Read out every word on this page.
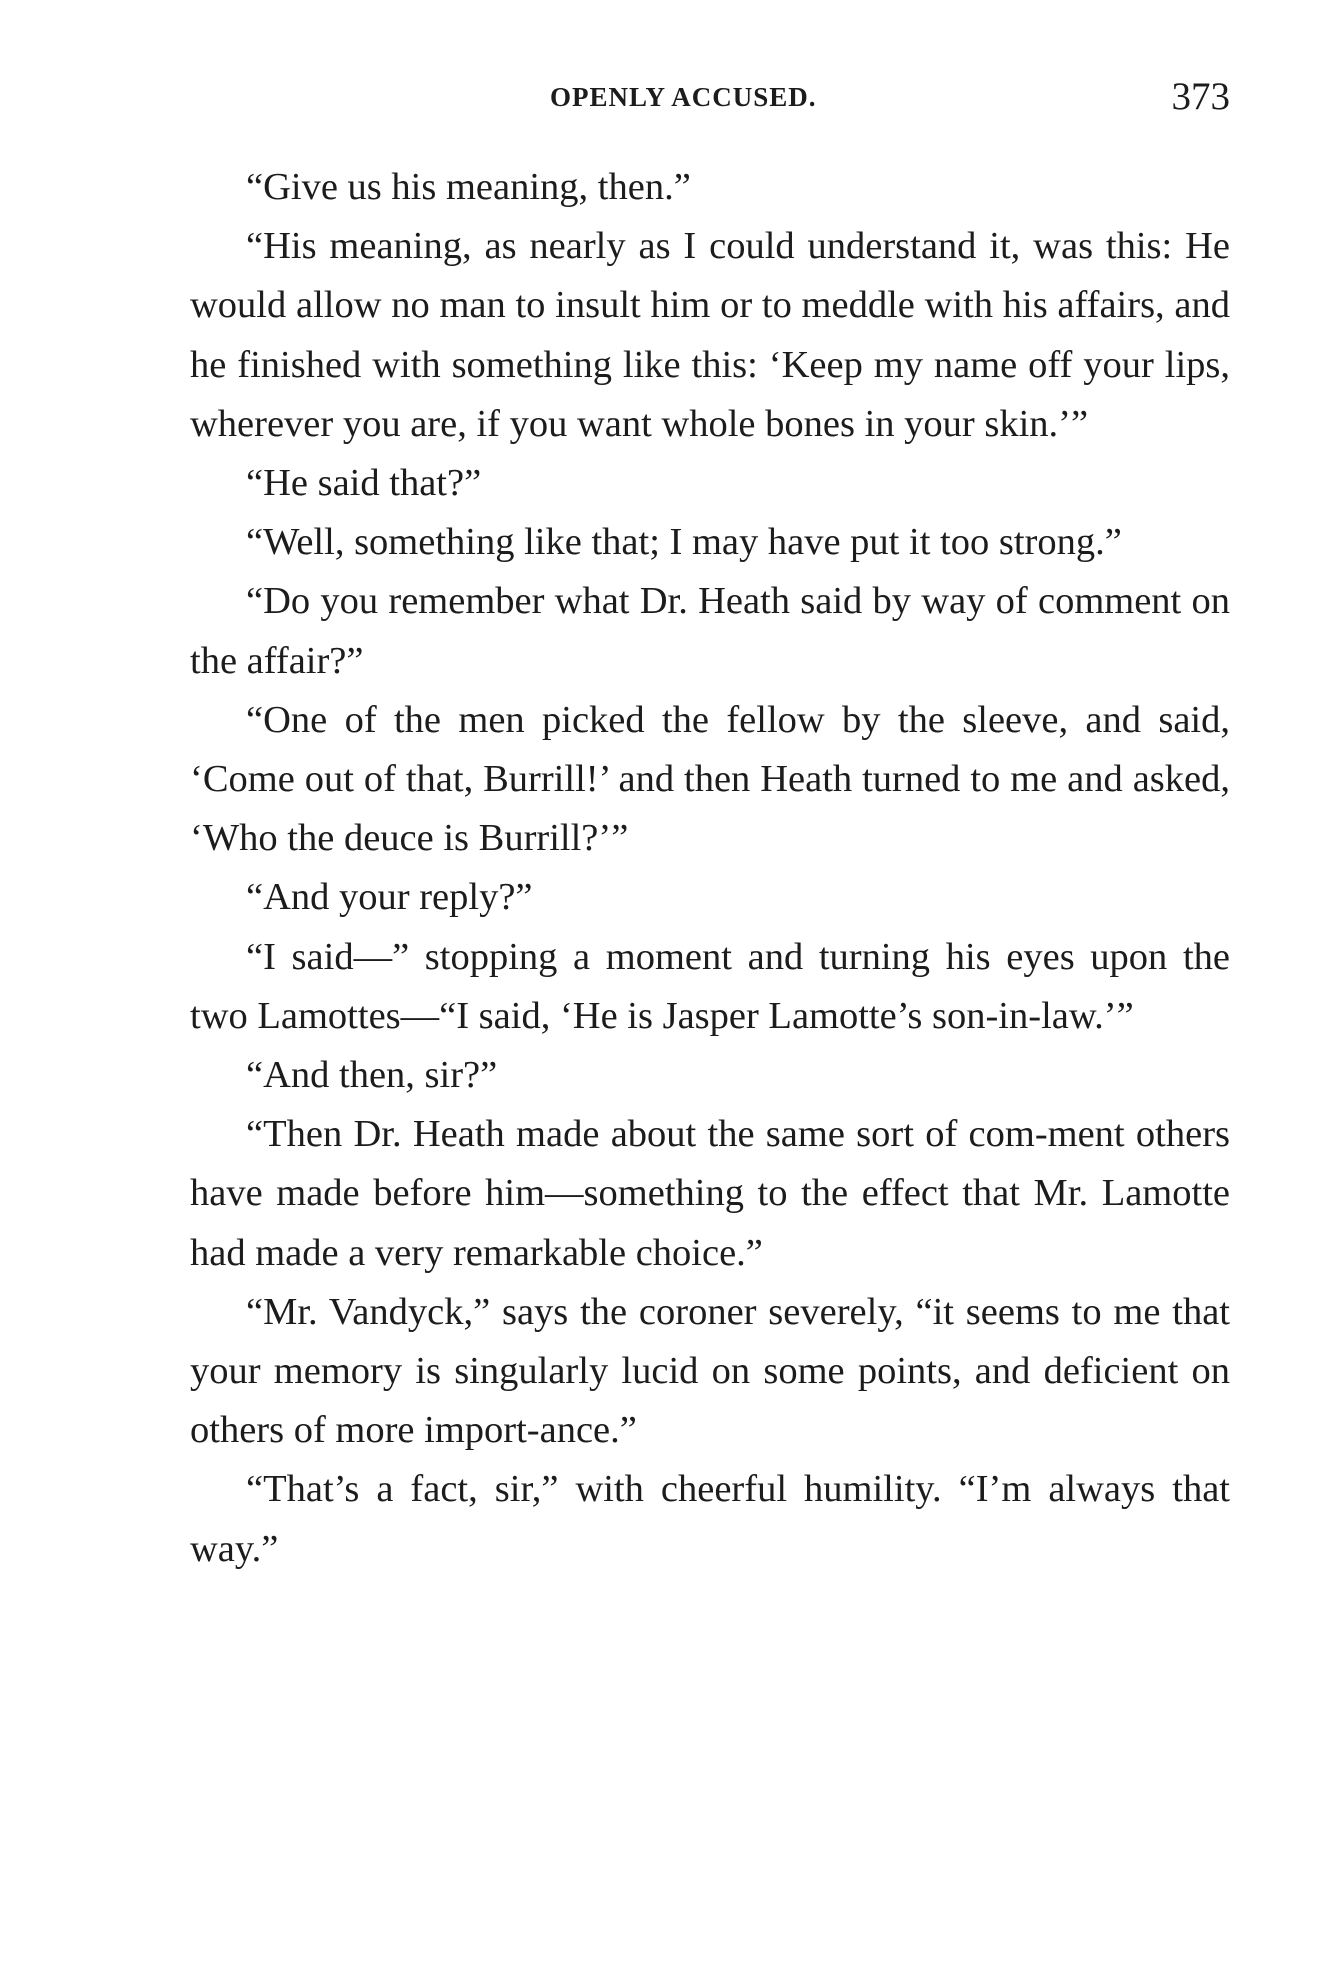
OPENLY ACCUSED.	373

“Give us his meaning, then.”

“His meaning, as nearly as I could understand it, was this: He would allow no man to insult him or to meddle with his affairs, and he finished with something like this: ‘Keep my name off your lips, wherever you are, if you want whole bones in your skin.’”

“He said that?”

“Well, something like that; I may have put it too strong.”

“Do you remember what Dr. Heath said by way of comment on the affair?”

“One of the men picked the fellow by the sleeve, and said, ‘Come out of that, Burrill!’ and then Heath turned to me and asked, ‘Who the deuce is Burrill?’”

“And your reply?”

“I said—” stopping a moment and turning his eyes upon the two Lamottes—“I said, ‘He is Jasper Lamotte’s son-in-law.’”

“And then, sir?”

“Then Dr. Heath made about the same sort of com-ment others have made before him—something to the effect that Mr. Lamotte had made a very remarkable choice.”

“Mr. Vandyck,” says the coroner severely, “it seems to me that your memory is singularly lucid on some points, and deficient on others of more import-ance.”

“That’s a fact, sir,” with cheerful humility. “I’m always that way.”
